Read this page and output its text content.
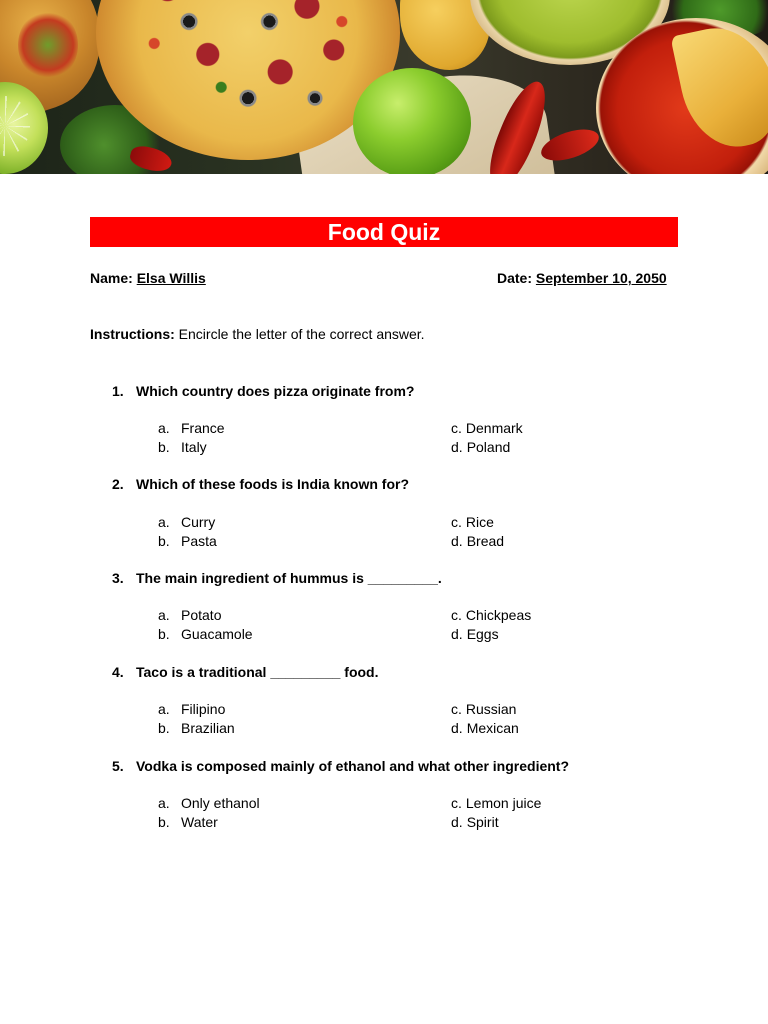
Food Quiz
Name: Elsa Willis	Date: September 10, 2050
Instructions: Encircle the letter of the correct answer.
1. Which country does pizza originate from?
a. France
b. Italy
c. Denmark
d. Poland
2. Which of these foods is India known for?
a. Curry
b. Pasta
c. Rice
d. Bread
3. The main ingredient of hummus is _________.
a. Potato
b. Guacamole
c. Chickpeas
d. Eggs
4. Taco is a traditional _________ food.
a. Filipino
b. Brazilian
c. Russian
d. Mexican
5. Vodka is composed mainly of ethanol and what other ingredient?
a. Only ethanol
b. Water
c. Lemon juice
d. Spirit
